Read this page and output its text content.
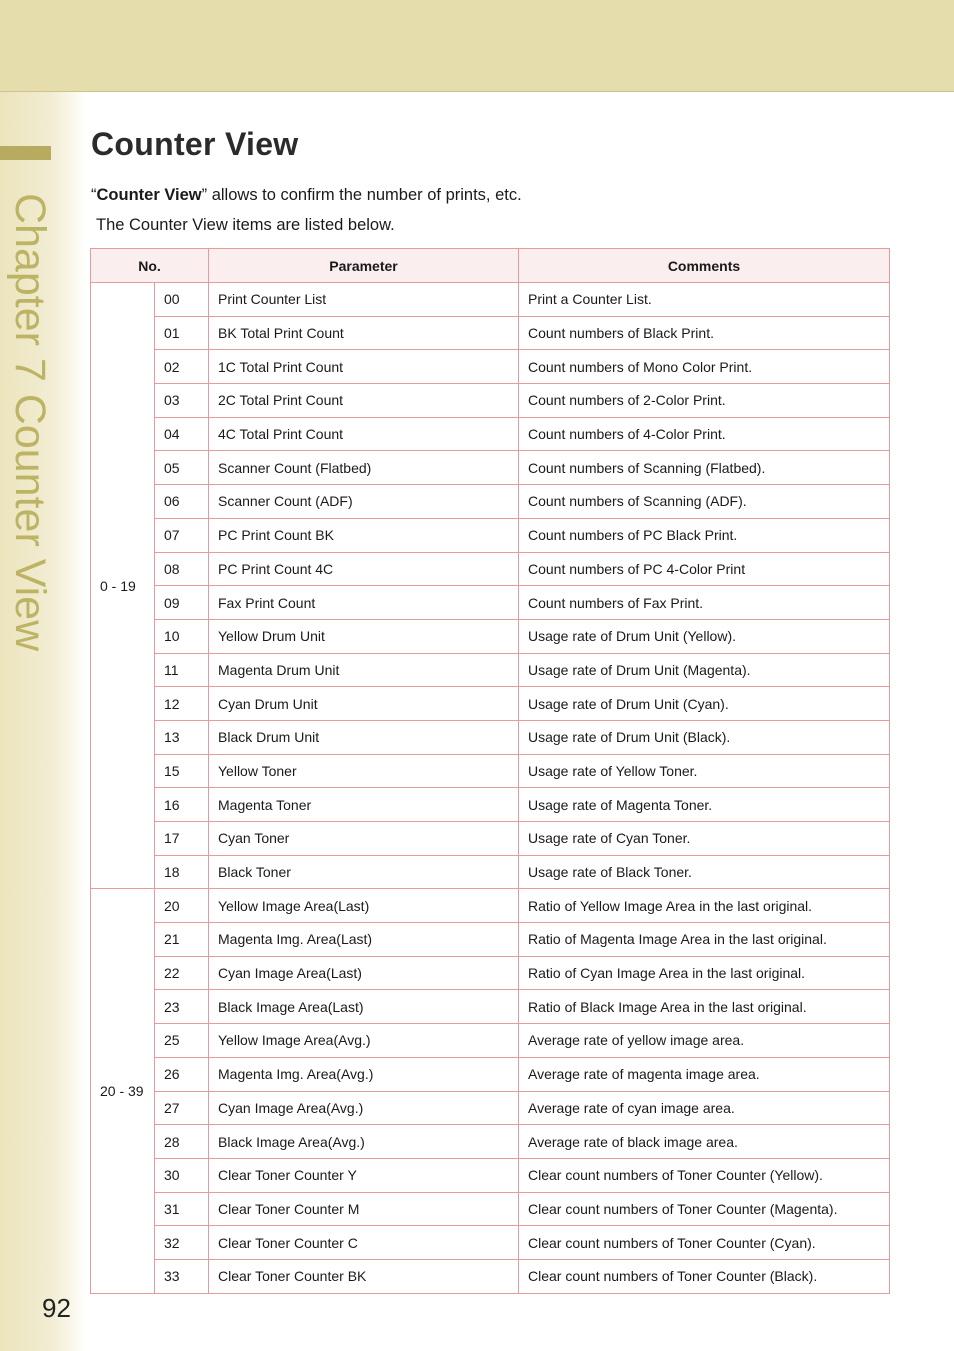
Chapter 7 Counter View
Counter View
“Counter View” allows to confirm the number of prints, etc.
The Counter View items are listed below.
No.		Parameter	Comments
0 - 19	00	Print Counter List	Print a Counter List.
	01	BK Total Print Count	Count numbers of Black Print.
	02	1C Total Print Count	Count numbers of Mono Color Print.
	03	2C Total Print Count	Count numbers of 2-Color Print.
	04	4C Total Print Count	Count numbers of 4-Color Print.
	05	Scanner Count (Flatbed)	Count numbers of Scanning (Flatbed).
	06	Scanner Count (ADF)	Count numbers of Scanning (ADF).
	07	PC Print Count BK	Count numbers of PC Black Print.
	08	PC Print Count 4C	Count numbers of PC 4-Color Print
	09	Fax Print Count	Count numbers of Fax Print.
	10	Yellow Drum Unit	Usage rate of Drum Unit (Yellow).
	11	Magenta Drum Unit	Usage rate of Drum Unit (Magenta).
	12	Cyan Drum Unit	Usage rate of Drum Unit (Cyan).
	13	Black Drum Unit	Usage rate of Drum Unit (Black).
	15	Yellow Toner	Usage rate of Yellow Toner.
	16	Magenta Toner	Usage rate of Magenta Toner.
	17	Cyan Toner	Usage rate of Cyan Toner.
	18	Black Toner	Usage rate of Black Toner.
20 - 39	20	Yellow Image Area(Last)	Ratio of Yellow Image Area in the last original.
	21	Magenta Img. Area(Last)	Ratio of Magenta Image Area in the last original.
	22	Cyan Image Area(Last)	Ratio of Cyan Image Area in the last original.
	23	Black Image Area(Last)	Ratio of Black Image Area in the last original.
	25	Yellow Image Area(Avg.)	Average rate of yellow image area.
	26	Magenta Img. Area(Avg.)	Average rate of magenta image area.
	27	Cyan Image Area(Avg.)	Average rate of cyan image area.
	28	Black Image Area(Avg.)	Average rate of black image area.
	30	Clear Toner Counter Y	Clear count numbers of Toner Counter (Yellow).
	31	Clear Toner Counter M	Clear count numbers of Toner Counter (Magenta).
	32	Clear Toner Counter C	Clear count numbers of Toner Counter (Cyan).
	33	Clear Toner Counter BK	Clear count numbers of Toner Counter (Black).
92
